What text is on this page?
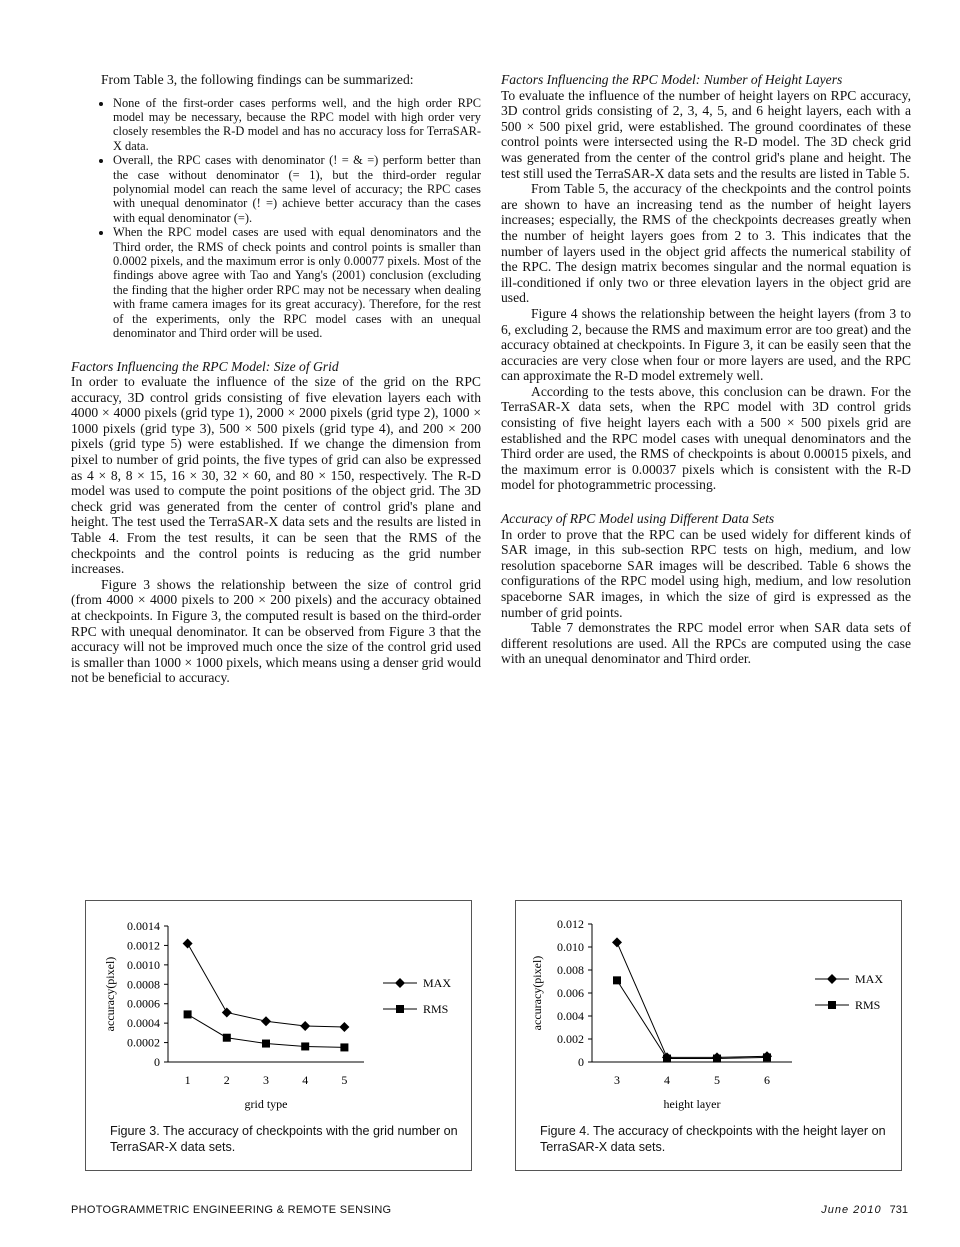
From Table 3, the following findings can be summarized:

• None of the first-order cases performs well, and the high order RPC model may be necessary, because the RPC model with high order very closely resembles the R-D model and has no accuracy loss for TerraSAR-X data.
• Overall, the RPC cases with denominator (! = & =) perform better than the case without denominator (= 1), but the third-order regular polynomial model can reach the same level of accuracy; the RPC cases with unequal denominator (! =) achieve better accuracy than the cases with equal denominator (=).
• When the RPC model cases are used with equal denominators and the Third order, the RMS of check points and control points is smaller than 0.0002 pixels, and the maximum error is only 0.00077 pixels. Most of the findings above agree with Tao and Yang's (2001) conclusion (excluding the finding that the higher order RPC may not be necessary when dealing with frame camera images for its great accuracy). Therefore, for the rest of the experiments, only the RPC model cases with an unequal denominator and Third order will be used.
Factors Influencing the RPC Model: Size of Grid

In order to evaluate the influence of the size of the grid on the RPC accuracy, 3D control grids consisting of five elevation layers each with 4000 × 4000 pixels (grid type 1), 2000 × 2000 pixels (grid type 2), 1000 × 1000 pixels (grid type 3), 500 × 500 pixels (grid type 4), and 200 × 200 pixels (grid type 5) were established. If we change the dimension from pixel to number of grid points, the five types of grid can also be expressed as 4 × 8, 8 × 15, 16 × 30, 32 × 60, and 80 × 150, respectively. The R-D model was used to compute the point positions of the object grid. The 3D check grid was generated from the center of control grid's plane and height. The test used the TerraSAR-X data sets and the results are listed in Table 4. From the test results, it can be seen that the RMS of the checkpoints and the control points is reducing as the grid number increases.

Figure 3 shows the relationship between the size of control grid (from 4000 × 4000 pixels to 200 × 200 pixels) and the accuracy obtained at checkpoints. In Figure 3, the computed result is based on the third-order RPC with unequal denominator. It can be observed from Figure 3 that the accuracy will not be improved much once the size of the control grid used is smaller than 1000 × 1000 pixels, which means using a denser grid would not be beneficial to accuracy.

Factors Influencing the RPC Model: Number of Height Layers

To evaluate the influence of the number of height layers on RPC accuracy, 3D control grids consisting of 2, 3, 4, 5, and 6 height layers, each with a 500 × 500 pixel grid, were established. The ground coordinates of these control points were intersected using the R-D model. The 3D check grid was generated from the center of the control grid's plane and height. The test still used the TerraSAR-X data sets and the results are listed in Table 5.

From Table 5, the accuracy of the checkpoints and the control points are shown to have an increasing tend as the number of height layers increases; especially, the RMS of the checkpoints decreases greatly when the number of height layers goes from 2 to 3. This indicates that the number of layers used in the object grid affects the numerical stability of the RPC. The design matrix becomes singular and the normal equation is ill-conditioned if only two or three elevation layers in the object grid are used.

Figure 4 shows the relationship between the height layers (from 3 to 6, excluding 2, because the RMS and maximum error are too great) and the accuracy obtained at checkpoints. In Figure 3, it can be easily seen that the accuracies are very close when four or more layers are used, and the RPC can approximate the R-D model extremely well.

According to the tests above, this conclusion can be drawn. For the TerraSAR-X data sets, when the RPC model with 3D control grids consisting of five height layers each with a 500 × 500 pixels grid are established and the RPC model cases with unequal denominators and the Third order are used, the RMS of checkpoints is about 0.00015 pixels, and the maximum error is 0.00037 pixels which is consistent with the R-D model for photogrammetric processing.

Accuracy of RPC Model using Different Data Sets

In order to prove that the RPC can be used widely for different kinds of SAR image, in this sub-section RPC tests on high, medium, and low resolution spaceborne SAR images will be described. Table 6 shows the configurations of the RPC model using high, medium, and low resolution spaceborne SAR images, in which the size of gird is expressed as the number of grid points.

Table 7 demonstrates the RPC model error when SAR data sets of different resolutions are used. All the RPCs are computed using the case with an unequal denominator and Third order.

0
0.0002
0.0004
0.0006
0.0008
0.0010
0.0012
0.0014
1	2	3	4	5
grid type
accuracy(pixel)	MAX
RMS
Figure 3. The accuracy of checkpoints with the grid number on TerraSAR-X data sets.
0
0.002
0.004
0.006
0.008
0.010
0.012
3	4	5	6
height layer
accuracy(pixel)	MAX
RMS
Figure 4. The accuracy of checkpoints with the height layer on TerraSAR-X data sets.
PHOTOGRAMMETRIC ENGINEERING & REMOTE SENSING	June 2010 731
